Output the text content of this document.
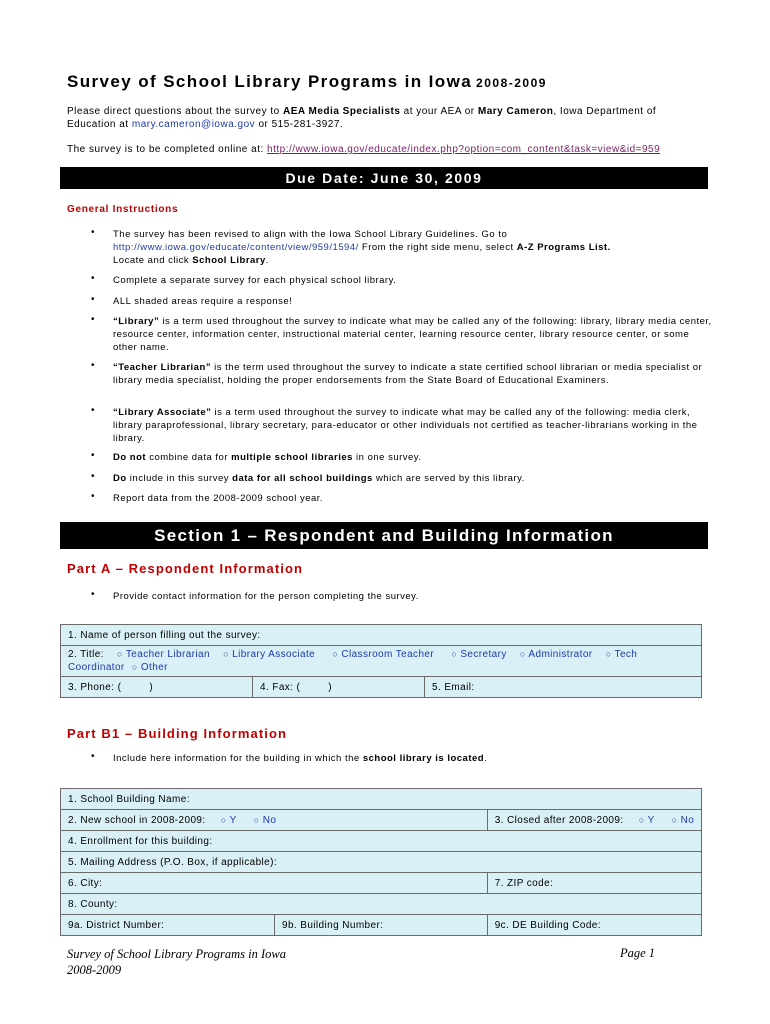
Survey of School Library Programs in Iowa 2008-2009
Please direct questions about the survey to AEA Media Specialists at your AEA or Mary Cameron, Iowa Department of
Education at mary.cameron@iowa.gov or 515-281-3927.
The survey is to be completed online at: http://www.iowa.gov/educate/index.php?option=com_content&task=view&id=959
Due Date: June 30, 2009
General Instructions
• The survey has been revised to align with the Iowa School Library Guidelines. Go to
http://www.iowa.gov/educate/content/view/959/1594/ From the right side menu, select A-Z Programs List.
Locate and click School Library.
• Complete a separate survey for each physical school library.
• ALL shaded areas require a response!
• “Library” is a term used throughout the survey to indicate what may be called any of the following: library, library media center, resource center, information center, instructional material center, learning resource center, library resource center, or some other name.
• “Teacher Librarian” is the term used throughout the survey to indicate a state certified school librarian or media specialist or library media specialist, holding the proper endorsements from the State Board of Educational Examiners.
• “Library Associate” is a term used throughout the survey to indicate what may be called any of the following: media clerk, library paraprofessional, library secretary, para-educator or other individuals not certified as teacher-librarians working in the library.
• Do not combine data for multiple school libraries in one survey.
• Do include in this survey data for all school buildings which are served by this library.
• Report data from the 2008-2009 school year.
Section 1 – Respondent and Building Information
Part A – Respondent Information
• Provide contact information for the person completing the survey.
1. Name of person filling out the survey:
2. Title: ○ Teacher Librarian ○ Library Associate ○ Classroom Teacher ○ Secretary ○ Administrator ○ Tech
Coordinator ○ Other
3. Phone: (	)	4. Fax: (	)	5. Email:
Part B1 – Building Information
• Include here information for the building in which the school library is located.
1. School Building Name:		
2. New school in 2008-2009: ○ Y ○ No		3. Closed after 2008-2009: ○ Y ○ No
4. Enrollment for this building:		
5. Mailing Address (P.O. Box, if applicable):		
6. City:		7. ZIP code:
8. County:		
9a. District Number:	9b. Building Number:	9c. DE Building Code:
Survey of School Library Programs in Iowa
2008-2009
Page 1
